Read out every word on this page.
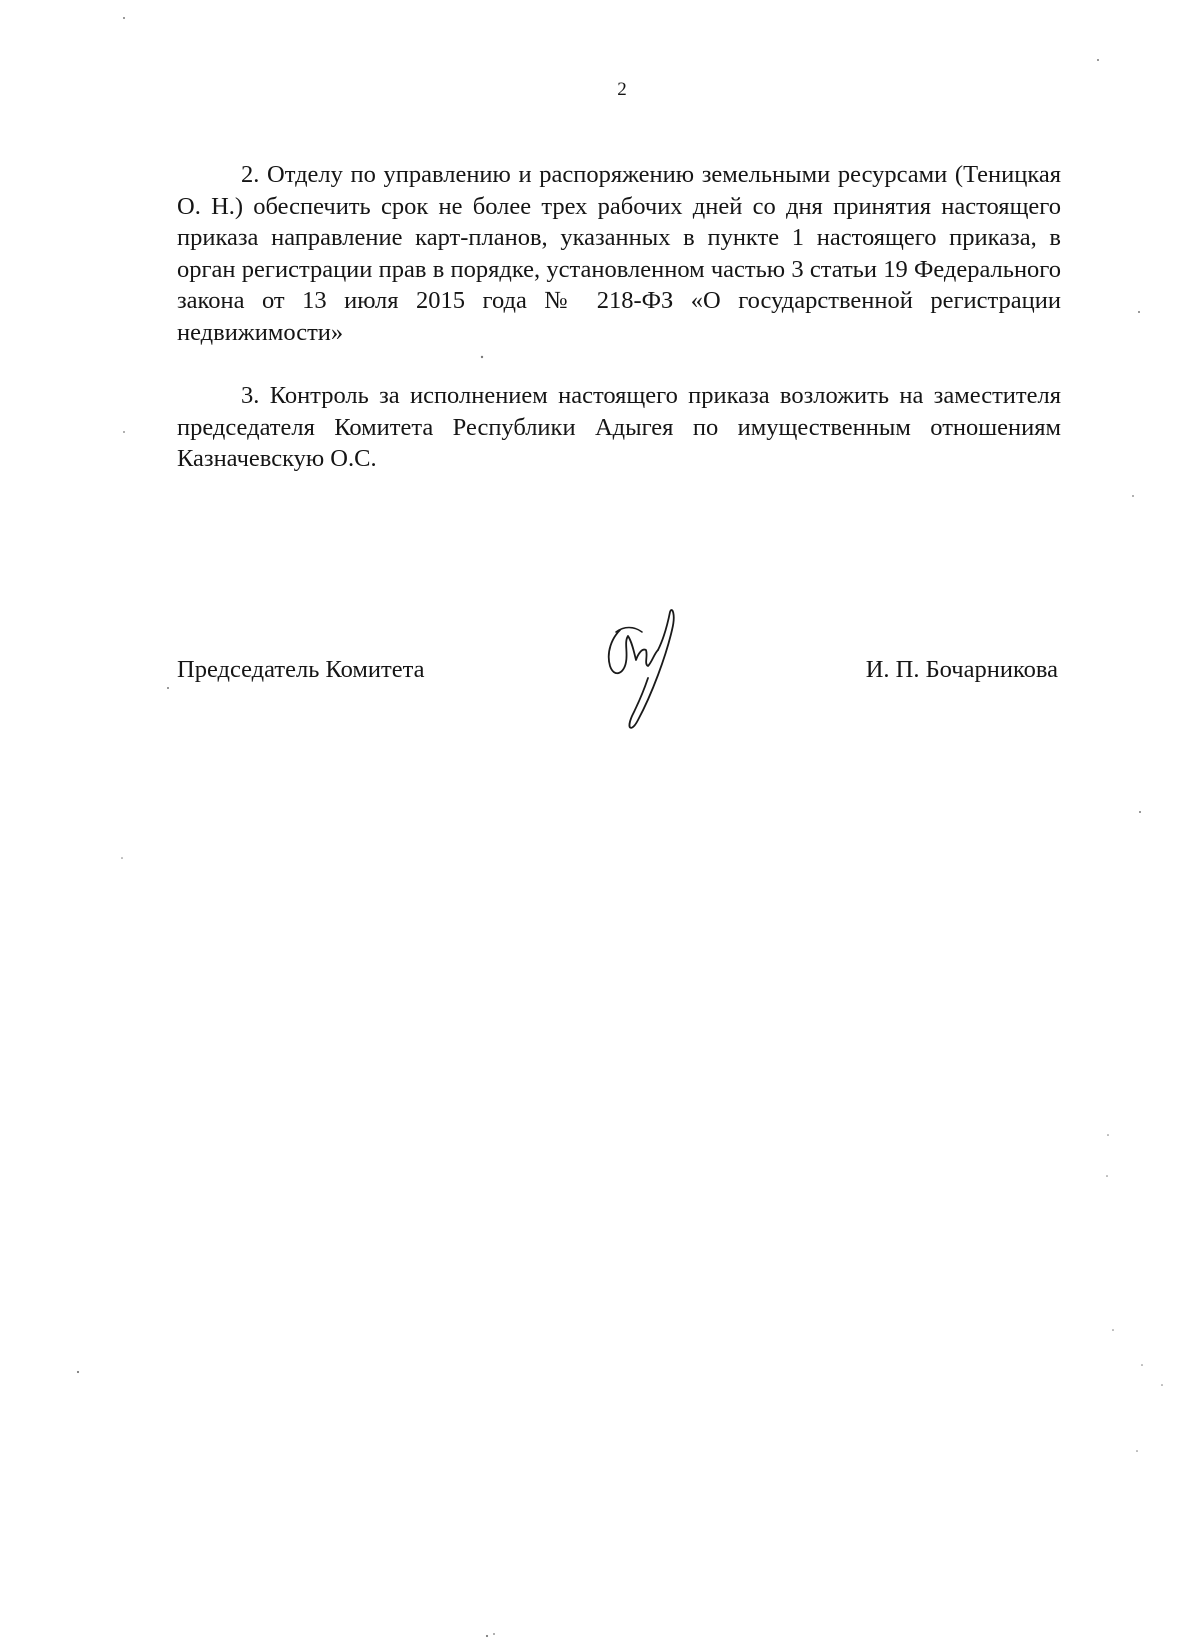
2

2. Отделу по управлению и распоряжению земельными ресурсами (Теницкая О. Н.) обеспечить срок не более трех рабочих дней со дня принятия настоящего приказа направление карт-планов, указанных в пункте 1 настоящего приказа, в орган регистрации прав в порядке, установленном частью 3 статьи 19 Федерального закона от 13 июля 2015 года № 218-ФЗ «О государственной регистрации недвижимости»

3. Контроль за исполнением настоящего приказа возложить на заместителя председателя Комитета Республики Адыгея по имущественным отношениям Казначевскую О.С.

Председатель Комитета	И. П. Бочарникова
